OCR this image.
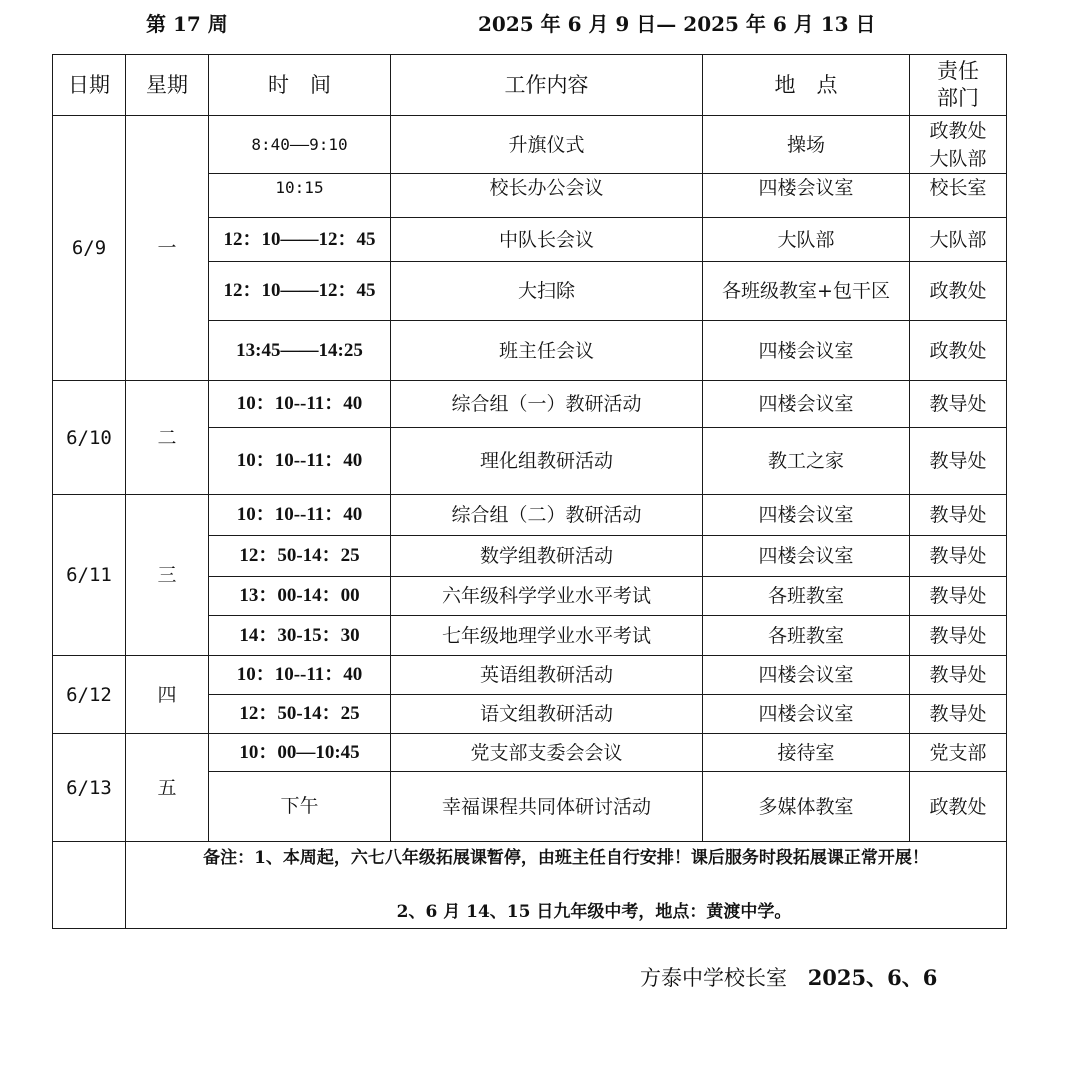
第 17 周	2025 年 6 月 9 日— 2025 年 6 月 13 日
日期	星期	时　间	工作内容	地　点	责任部门
6/9	一	8:40——9:10	升旗仪式	操场	政教处大队部
		10:15	校长办公会议	四楼会议室	校长室
		12：10——12：45	中队长会议	大队部	大队部
		12：10——12：45	大扫除	各班级教室+包干区	政教处
		13:45——14:25	班主任会议	四楼会议室	政教处
6/10	二	10：10--11：40	综合组（一）教研活动	四楼会议室	教导处
		10：10--11：40	理化组教研活动	教工之家	教导处
6/11	三	10：10--11：40	综合组（二）教研活动	四楼会议室	教导处
		12：50-14：25	数学组教研活动	四楼会议室	教导处
		13：00-14：00	六年级科学学业水平考试	各班教室	教导处
		14：30-15：30	七年级地理学业水平考试	各班教室	教导处
6/12	四	10：10--11：40	英语组教研活动	四楼会议室	教导处
		12：50-14：25	语文组教研活动	四楼会议室	教导处
6/13	五	10：00—10:45	党支部支委会会议	接待室	党支部
		下午	幸福课程共同体研讨活动	多媒体教室	政教处

	备注：1、本周起，六七八年级拓展课暂停，由班主任自行安排！课后服务时段拓展课正常开展！
2、6 月 14、15 日九年级中考，地点：黄渡中学。				
方泰中学校长室 2025、6、6
